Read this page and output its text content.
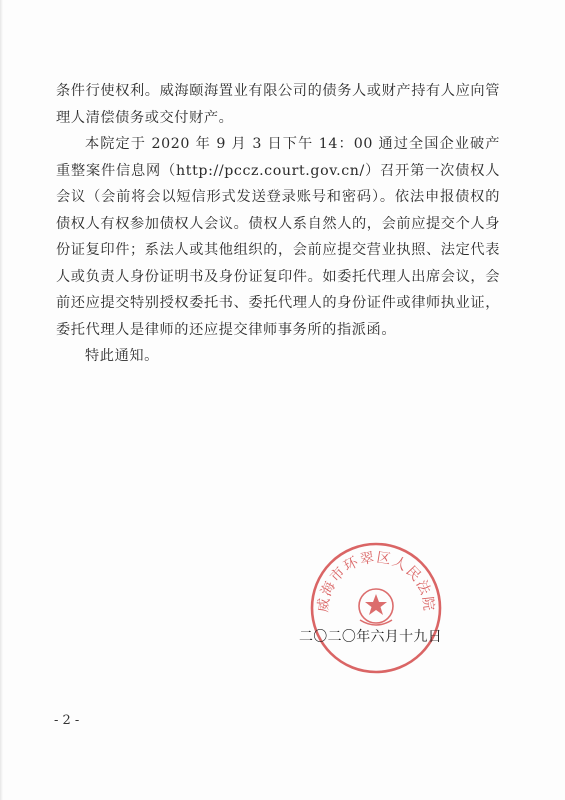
条件行使权利。威海颐海置业有限公司的债务人或财产持有人应向管理人清偿债务或交付财产。

本院定于 2020 年 9 月 3 日下午 14：00 通过全国企业破产重整案件信息网（http://pccz.court.gov.cn/）召开第一次债权人会议（会前将会以短信形式发送登录账号和密码）。依法申报债权的债权人有权参加债权人会议。债权人系自然人的，会前应提交个人身份证复印件；系法人或其他组织的，会前应提交营业执照、法定代表人或负责人身份证明书及身份证复印件。如委托代理人出席会议，会前还应提交特别授权委托书、委托代理人的身份证件或律师执业证，委托代理人是律师的还应提交律师事务所的指派函。

特此通知。

威海市环翠区人民法院
二〇二〇年六月十九日
- 2 -
